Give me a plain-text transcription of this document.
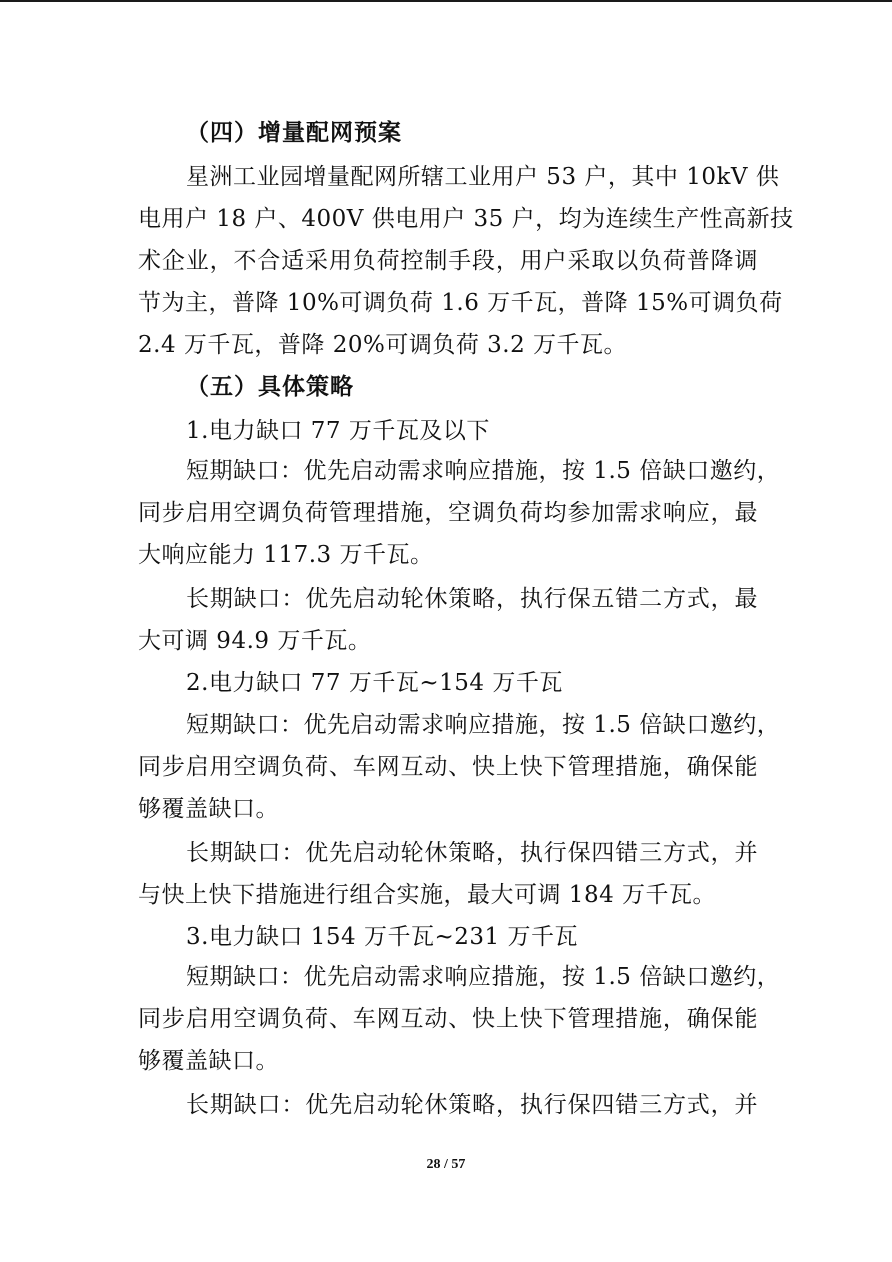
（四）增量配网预案
星洲工业园增量配网所辖工业用户 53 户，其中 10kV 供
电用户 18 户、400V 供电用户 35 户，均为连续生产性高新技
术企业，不合适采用负荷控制手段，用户采取以负荷普降调
节为主，普降 10%可调负荷 1.6 万千瓦，普降 15%可调负荷
2.4 万千瓦，普降 20%可调负荷 3.2 万千瓦。
（五）具体策略
1.电力缺口 77 万千瓦及以下
短期缺口：优先启动需求响应措施，按 1.5 倍缺口邀约，
同步启用空调负荷管理措施，空调负荷均参加需求响应，最
大响应能力 117.3 万千瓦。
长期缺口：优先启动轮休策略，执行保五错二方式，最
大可调 94.9 万千瓦。
2.电力缺口 77 万千瓦~154 万千瓦
短期缺口：优先启动需求响应措施，按 1.5 倍缺口邀约，
同步启用空调负荷、车网互动、快上快下管理措施，确保能
够覆盖缺口。
长期缺口：优先启动轮休策略，执行保四错三方式，并
与快上快下措施进行组合实施，最大可调 184 万千瓦。
3.电力缺口 154 万千瓦~231 万千瓦
短期缺口：优先启动需求响应措施，按 1.5 倍缺口邀约，
同步启用空调负荷、车网互动、快上快下管理措施，确保能
够覆盖缺口。
长期缺口：优先启动轮休策略，执行保四错三方式，并
28 / 57
